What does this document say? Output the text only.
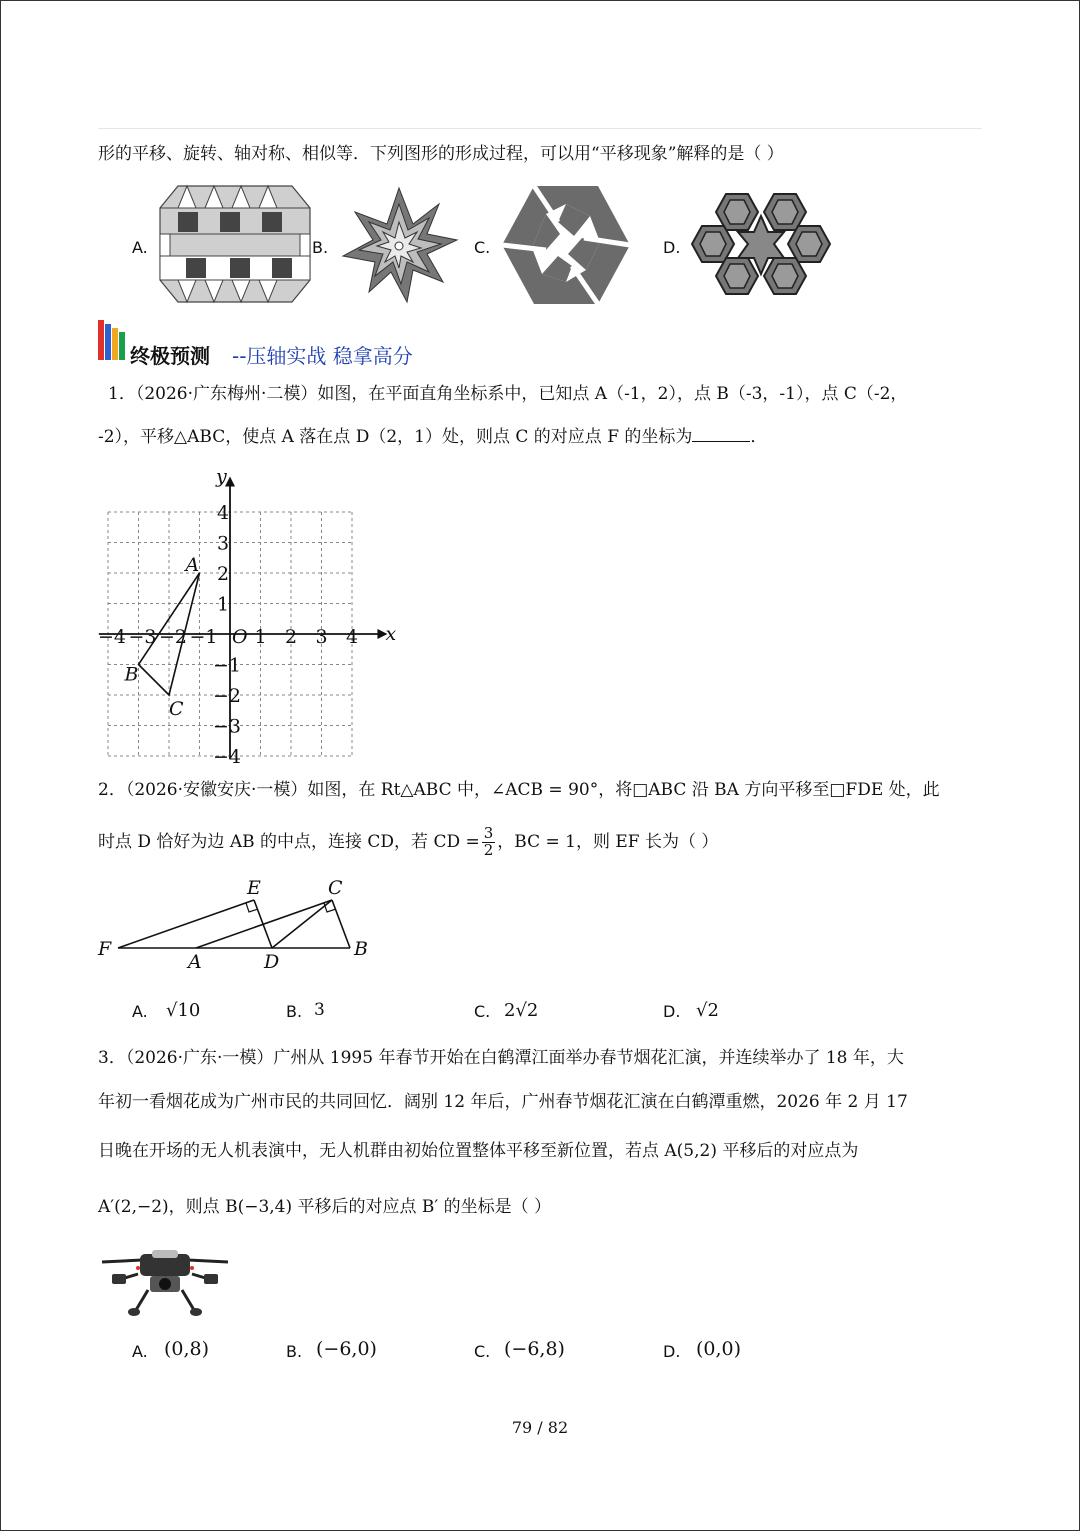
形的平移、旋转、轴对称、相似等．下列图形的形成过程，可以用“平移现象”解释的是（ ）
A.	B.	C.	D.
终极预测 --压轴实战 稳拿高分
1．（2026·广东梅州·二模）如图，在平面直角坐标系中，已知点 A（-1，2），点 B（-3，-1），点 C（-2，
-2），平移△ABC，使点 A 落在点 D（2，1）处，则点 C 的对应点 F 的坐标为	．
x
y
O
−4 −3 −2 −1 1 2 3 4
4
3
2
1
−1
−2
−3
−4
A
B
C
2．（2026·安徽安庆·一模）如图，在 Rt△ABC 中，∠ACB = 90°，将□ABC 沿 BA 方向平移至□FDE 处，此
时点 D 恰好为边 AB 的中点，连接 CD，若 CD = $\frac{3}{2}$ ，BC = 1，则 EF 长为（ ）
E	C
F
A	D
B
A. √10	B. 3	C. 2√2	D. √2
3．（2026·广东·一模）广州从 1995 年春节开始在白鹤潭江面举办春节烟花汇演，并连续举办了 18 年，大
年初一看烟花成为广州市民的共同回忆．阔别 12 年后，广州春节烟花汇演在白鹤潭重燃，2026 年 2 月 17
日晚在开场的无人机表演中，无人机群由初始位置整体平移至新位置，若点 A(5,2) 平移后的对应点为
A′(2,−2)，则点 B(−3,4) 平移后的对应点 B′ 的坐标是（ ）
A. (0,8)	B. (−6,0)	C. (−6,8)	D. (0,0)
79 / 82
